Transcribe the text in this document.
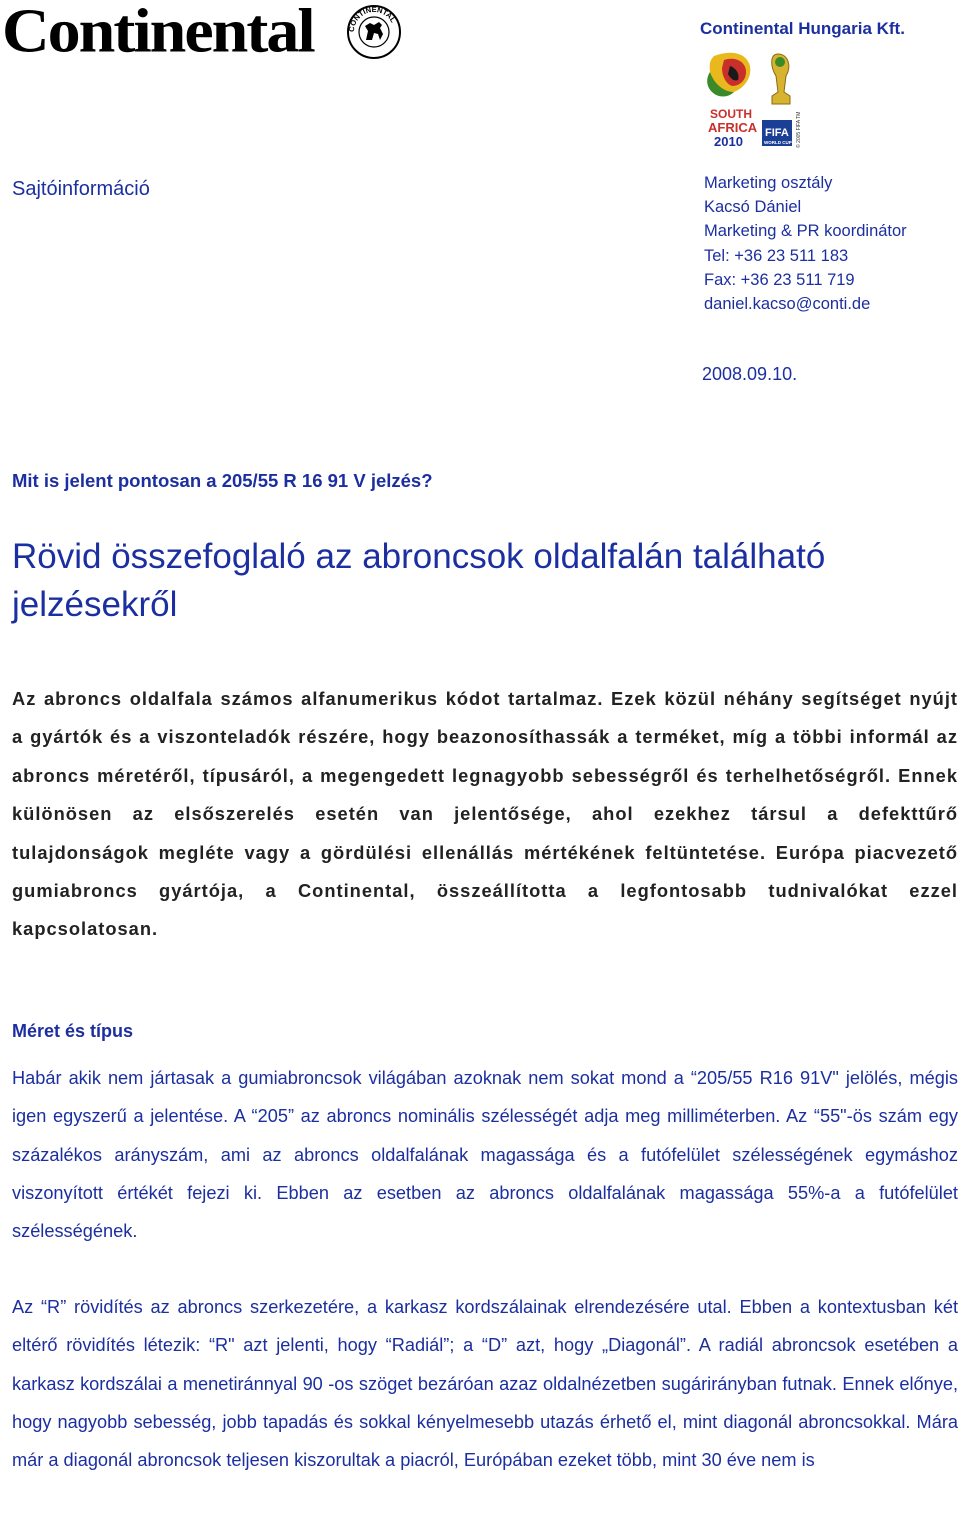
Continental	CONTINENTAL	Continental Hungaria Kft.
SOUTH
AFRICA
2010
FIFA
WORLD CUP © 2005 FIFA TM
Sajtóinformáció	Marketing osztály
Kacsó Dániel
Marketing & PR koordinátor
Tel: +36 23 511 183
Fax: +36 23 511 719
daniel.kacso@conti.de
2008.09.10.
Mit is jelent pontosan a 205/55 R 16 91 V jelzés?
Rövid összefoglaló az abroncsok oldalfalán található jelzésekről
Az abroncs oldalfala számos alfanumerikus kódot tartalmaz. Ezek közül néhány segítséget nyújt a gyártók és a viszonteladók részére, hogy beazonosíthassák a terméket, míg a többi informál az abroncs méretéről, típusáról, a megengedett legnagyobb sebességről és terhelhetőségről. Ennek különösen az elsőszerelés esetén van jelentősége, ahol ezekhez társul a defekttűrő tulajdonságok megléte vagy a gördülési ellenállás mértékének feltüntetése. Európa piacvezető gumiabroncs gyártója, a Continental, összeállította a legfontosabb tudnivalókat ezzel kapcsolatosan.
Méret és típus
Habár akik nem jártasak a gumiabroncsok világában azoknak nem sokat mond a “205/55 R16 91V" jelölés, mégis igen egyszerű a jelentése. A “205” az abroncs nominális szélességét adja meg milliméterben. Az “55"-ös szám egy százalékos arányszám, ami az abroncs oldalfalának magassága és a futófelület szélességének egymáshoz viszonyított értékét fejezi ki. Ebben az esetben az abroncs oldalfalának magassága 55%-a a futófelület szélességének.
Az “R” rövidítés az abroncs szerkezetére, a karkasz kordszálainak elrendezésére utal. Ebben a kontextusban két eltérő rövidítés létezik: “R" azt jelenti, hogy “Radiál”; a “D” azt, hogy „Diagonál”. A radiál abroncsok esetében a karkasz kordszálai a menetiránnyal 90 -os szöget bezáróan azaz oldalnézetben sugárirányban futnak. Ennek előnye, hogy nagyobb sebesség, jobb tapadás és sokkal kényelmesebb utazás érhető el, mint diagonál abroncsokkal. Mára már a diagonál abroncsok teljesen kiszorultak a piacról, Európában ezeket több, mint 30 éve nem is
